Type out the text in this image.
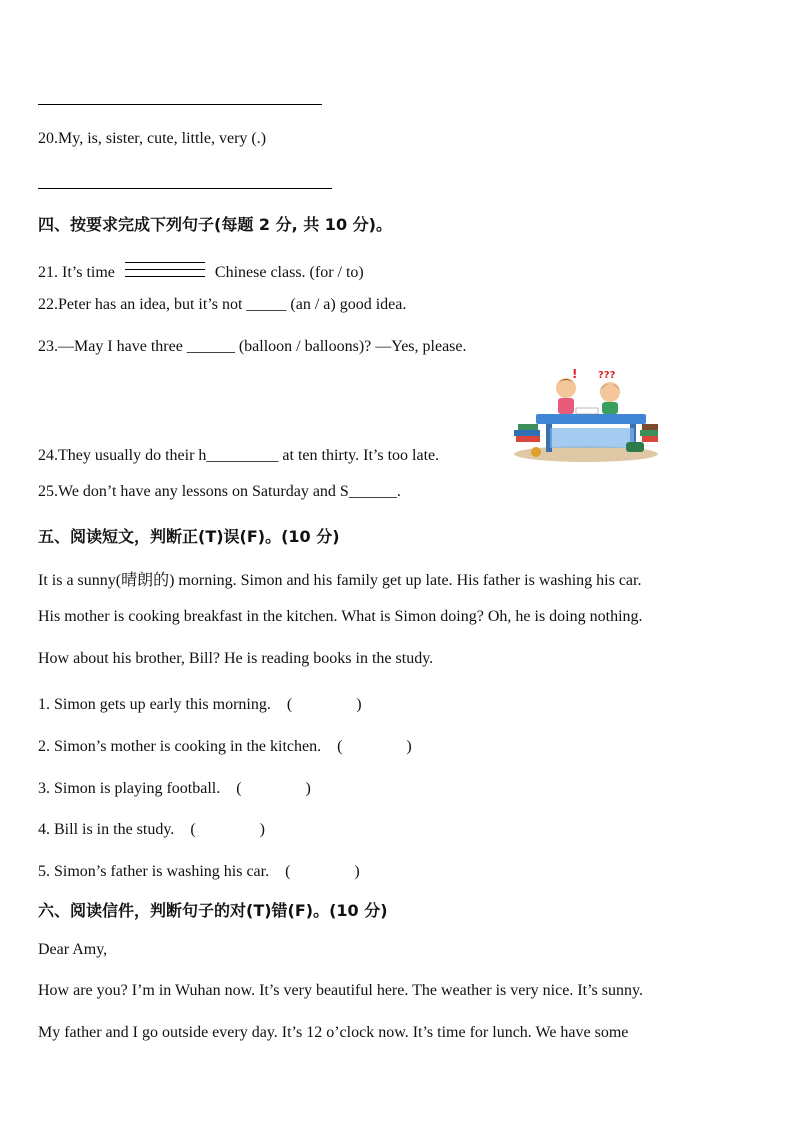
20.My, is, sister, cute, little, very (.)
四、按要求完成下列句子(每题 2 分, 共 10 分)。
21. It’s time	Chinese class. (for / to)
22.Peter has an idea, but it’s not _____ (an / a) good idea.
23.—May I have three ______ (balloon / balloons)? —Yes, please.
! ???
24.They usually do their h_________ at ten thirty. It’s too late.
25.We don’t have any lessons on Saturday and S______.
五、阅读短文，判断正(T)误(F)。(10 分)
It is a sunny(晴朗的) morning. Simon and his family get up late. His father is washing his car.
His mother is cooking breakfast in the kitchen. What is Simon doing? Oh, he is doing nothing.
How about his brother, Bill? He is reading books in the study.
1. Simon gets up early this morning. (　　　　)
2. Simon’s mother is cooking in the kitchen. (　　　　)
3. Simon is playing football. (　　　　)
4. Bill is in the study. (　　　　)
5. Simon’s father is washing his car. (　　　　)
六、阅读信件，判断句子的对(T)错(F)。(10 分)
Dear Amy,
How are you? I’m in Wuhan now. It’s very beautiful here. The weather is very nice. It’s sunny.
My father and I go outside every day. It’s 12 o’clock now. It’s time for lunch. We have some
